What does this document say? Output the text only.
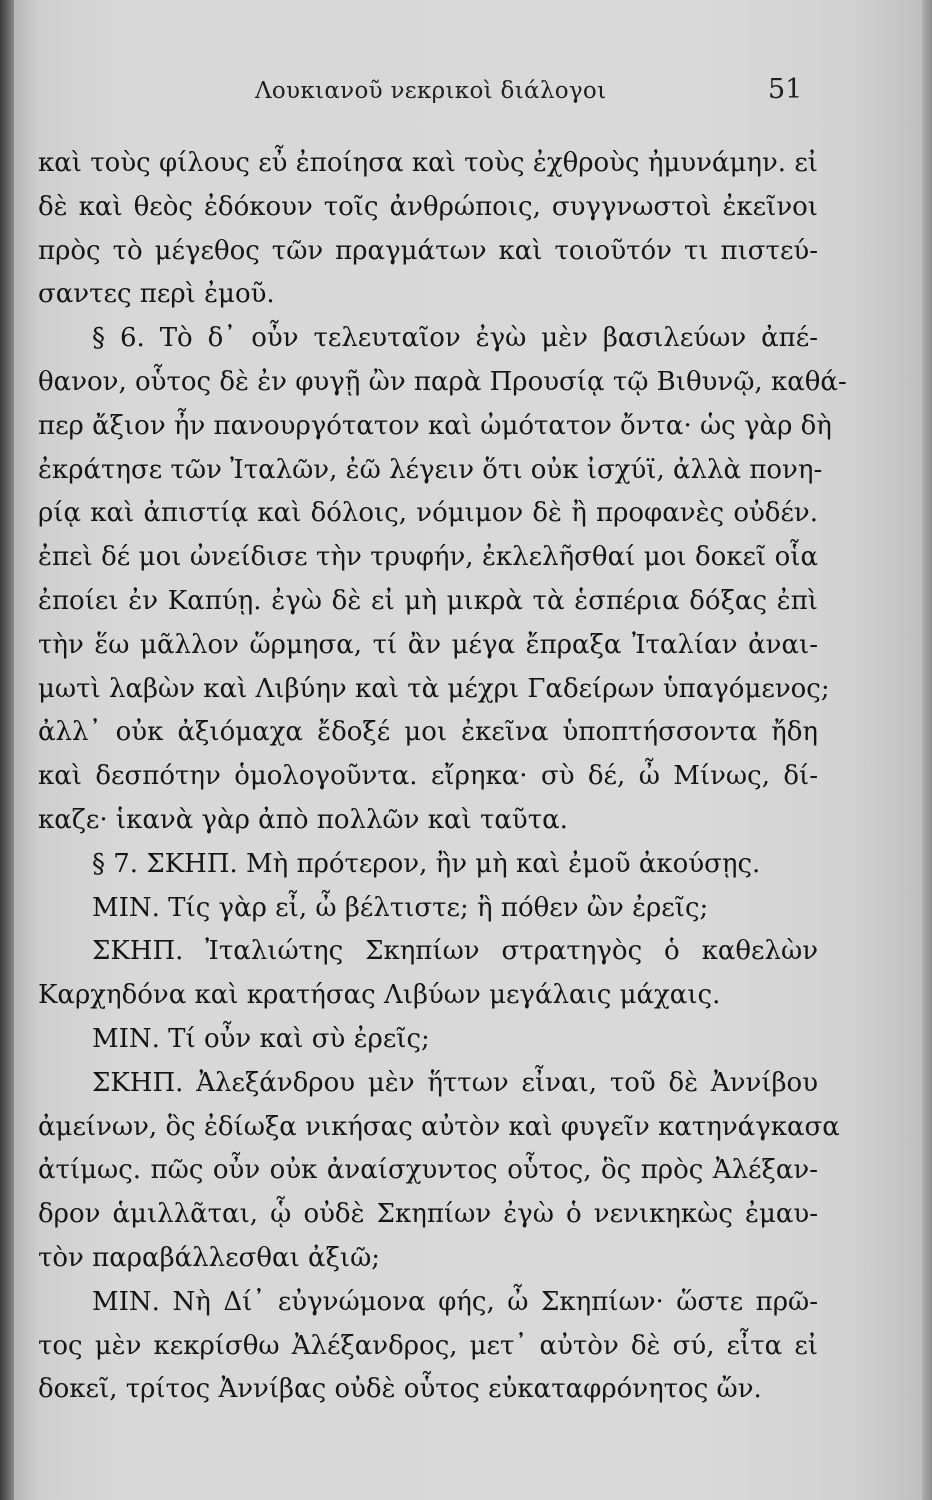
Λουκιανοῦ νεκρικοὶ διάλογοι	51
καὶ τοὺς φίλους εὖ ἐποίησα καὶ τοὺς ἐχθροὺς ἠμυνάμην. εἰ
δὲ καὶ θεὸς ἐδόκουν τοῖς ἀνθρώποις, συγγνωστοὶ ἐκεῖνοι
πρὸς τὸ μέγεθος τῶν πραγμάτων καὶ τοιοῦτόν τι πιστεύ-
σαντες περὶ ἐμοῦ.
§ 6. Τὸ δ᾽ οὖν τελευταῖον ἐγὼ μὲν βασιλεύων ἀπέ-
θανον, οὗτος δὲ ἐν φυγῇ ὢν παρὰ Προυσίᾳ τῷ Βιθυνῷ, καθά-
περ ἄξιον ἦν πανουργότατον καὶ ὠμότατον ὄντα· ὡς γὰρ δὴ
ἐκράτησε τῶν Ἰταλῶν, ἐῶ λέγειν ὅτι οὐκ ἰσχύϊ, ἀλλὰ πονη-
ρίᾳ καὶ ἀπιστίᾳ καὶ δόλοις, νόμιμον δὲ ἢ προφανὲς οὐδέν.
ἐπεὶ δέ μοι ὠνείδισε τὴν τρυφήν, ἐκλελῆσθαί μοι δοκεῖ οἷα
ἐποίει ἐν Καπύῃ. ἐγὼ δὲ εἰ μὴ μικρὰ τὰ ἑσπέρια δόξας ἐπὶ
τὴν ἕω μᾶλλον ὥρμησα, τί ἂν μέγα ἔπραξα Ἰταλίαν ἀναι-
μωτὶ λαβὼν καὶ Λιβύην καὶ τὰ μέχρι Γαδείρων ὑπαγόμενος;
ἀλλ᾽ οὐκ ἀξιόμαχα ἔδοξέ μοι ἐκεῖνα ὑποπτήσσοντα ἤδη
καὶ δεσπότην ὁμολογοῦντα. εἴρηκα· σὺ δέ, ὦ Μίνως, δί-
καζε· ἱκανὰ γὰρ ἀπὸ πολλῶν καὶ ταῦτα.
§ 7. ΣΚΗΠ. Μὴ πρότερον, ἢν μὴ καὶ ἐμοῦ ἀκούσῃς.
ΜΙΝ. Τίς γὰρ εἶ, ὦ βέλτιστε; ἢ πόθεν ὢν ἐρεῖς;
ΣΚΗΠ. Ἰταλιώτης Σκηπίων στρατηγὸς ὁ καθελὼν
Καρχηδόνα καὶ κρατήσας Λιβύων μεγάλαις μάχαις.
ΜΙΝ. Τί οὖν καὶ σὺ ἐρεῖς;
ΣΚΗΠ. Ἀλεξάνδρου μὲν ἥττων εἶναι, τοῦ δὲ Ἀννίβου
ἀμείνων, ὃς ἐδίωξα νικήσας αὐτὸν καὶ φυγεῖν κατηνάγκασα
ἀτίμως. πῶς οὖν οὐκ ἀναίσχυντος οὗτος, ὃς πρὸς Ἀλέξαν-
δρον ἁμιλλᾶται, ᾧ οὐδὲ Σκηπίων ἐγὼ ὁ νενικηκὼς ἐμαυ-
τὸν παραβάλλεσθαι ἀξιῶ;
ΜΙΝ. Νὴ Δί᾽ εὐγνώμονα φής, ὦ Σκηπίων· ὥστε πρῶ-
τος μὲν κεκρίσθω Ἀλέξανδρος, μετ᾽ αὐτὸν δὲ σύ, εἶτα εἰ
δοκεῖ, τρίτος Ἀννίβας οὐδὲ οὗτος εὐκαταφρόνητος ὤν.
